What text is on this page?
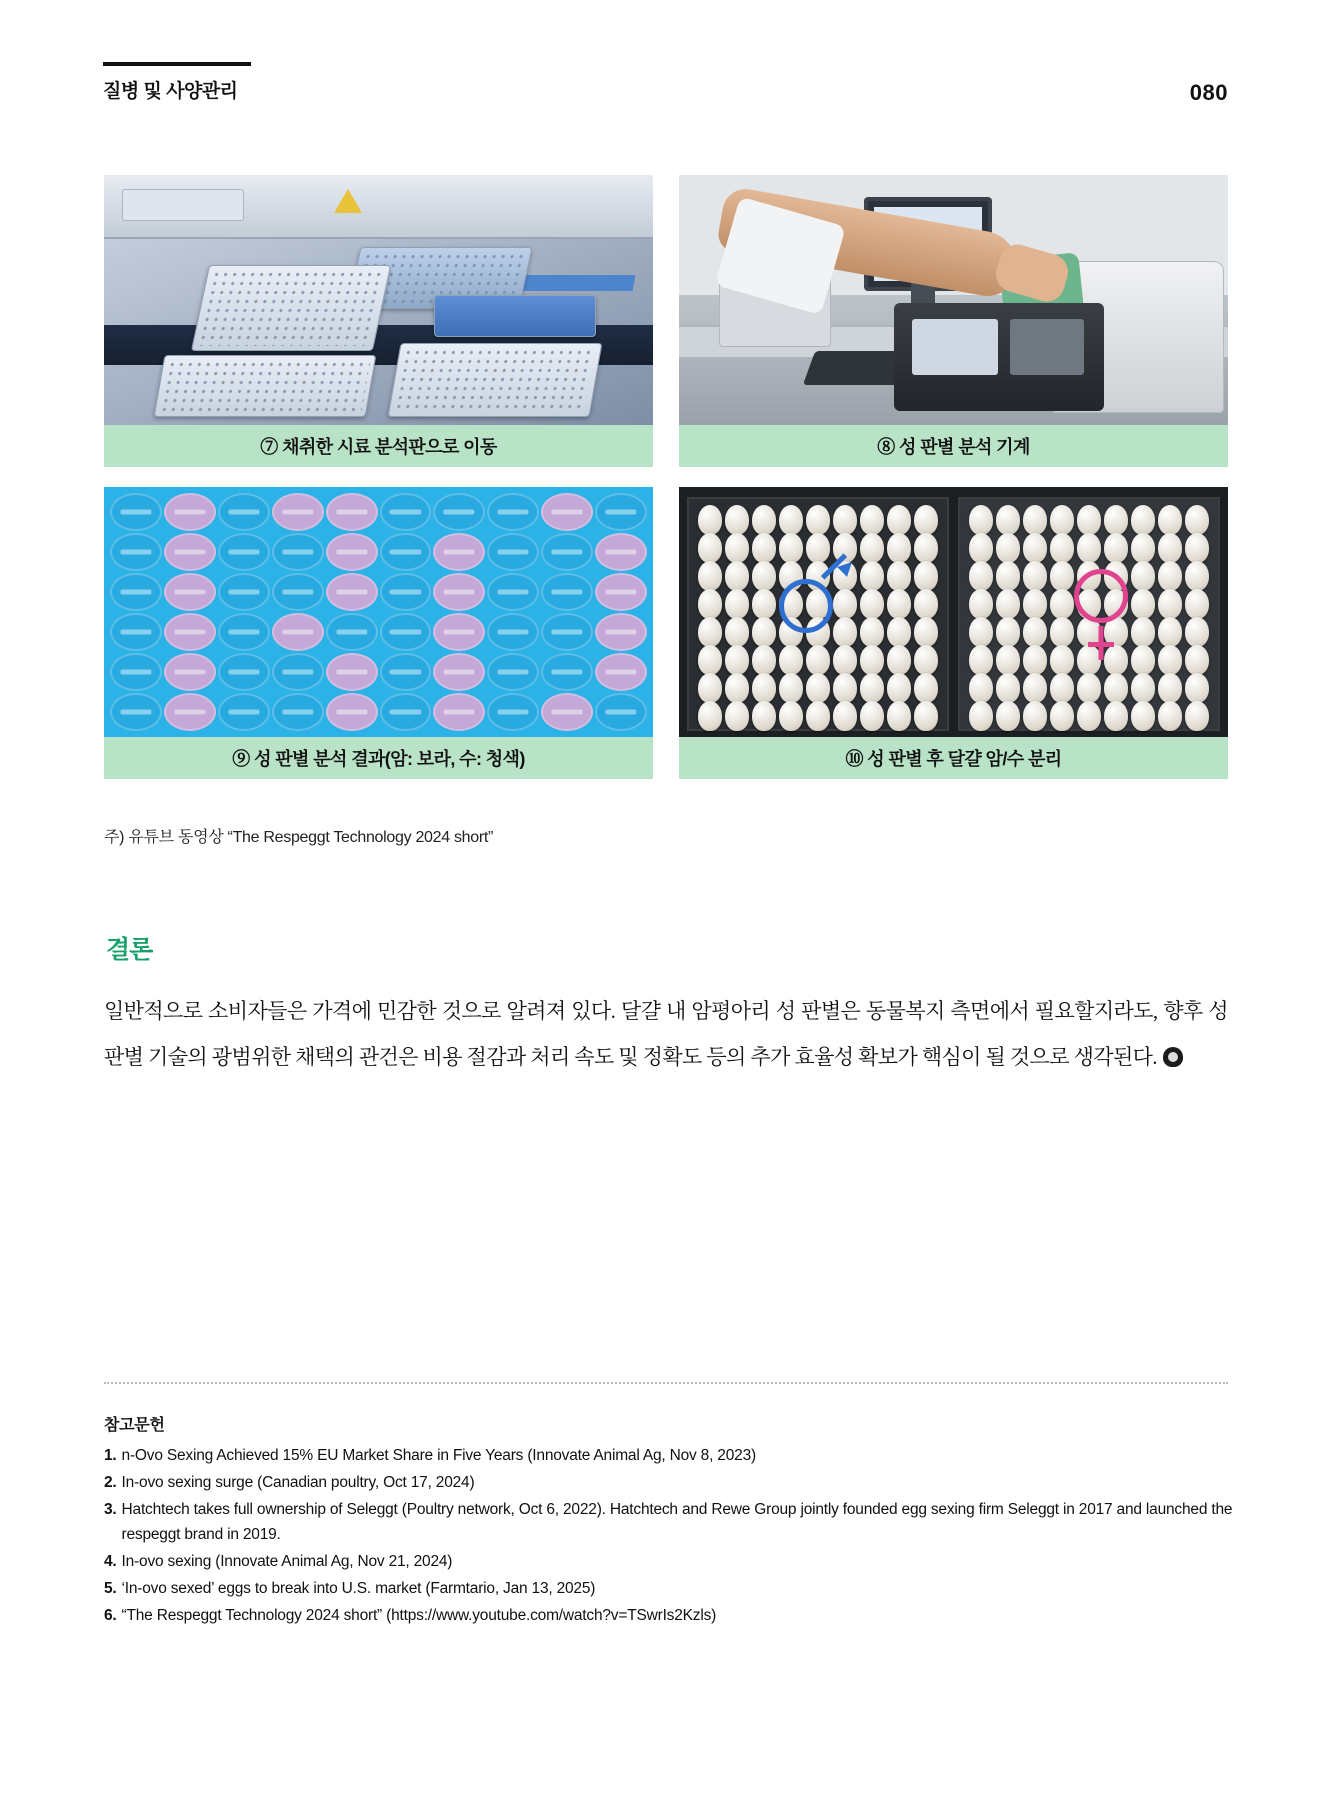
질병 및 사양관리	080
⑦ 채취한 시료 분석판으로 이동	⑧ 성 판별 분석 기계
⑨ 성 판별 분석 결과(암: 보라, 수: 청색)	⑩ 성 판별 후 달걀 암/수 분리
주) 유튜브 동영상 “The Respeggt Technology 2024 short”
결론
일반적으로 소비자들은 가격에 민감한 것으로 알려져 있다. 달걀 내 암평아리 성 판별은 동물복지 측면에서 필요할지라도, 향후 성 판별 기술의 광범위한 채택의 관건은 비용 절감과 처리 속도 및 정확도 등의 추가 효율성 확보가 핵심이 될 것으로 생각된다.
참고문헌
1. n-Ovo Sexing Achieved 15% EU Market Share in Five Years (Innovate Animal Ag, Nov 8, 2023)
2. In-ovo sexing surge (Canadian poultry, Oct 17, 2024)
3. Hatchtech takes full ownership of Seleggt (Poultry network, Oct 6, 2022). Hatchtech and Rewe Group jointly founded egg sexing firm Seleggt in 2017 and launched the respeggt brand in 2019.
4. In-ovo sexing (Innovate Animal Ag, Nov 21, 2024)
5. ‘In-ovo sexed’ eggs to break into U.S. market (Farmtario, Jan 13, 2025)
6. “The Respeggt Technology 2024 short” (https://www.youtube.com/watch?v=TSwrIs2Kzls)
